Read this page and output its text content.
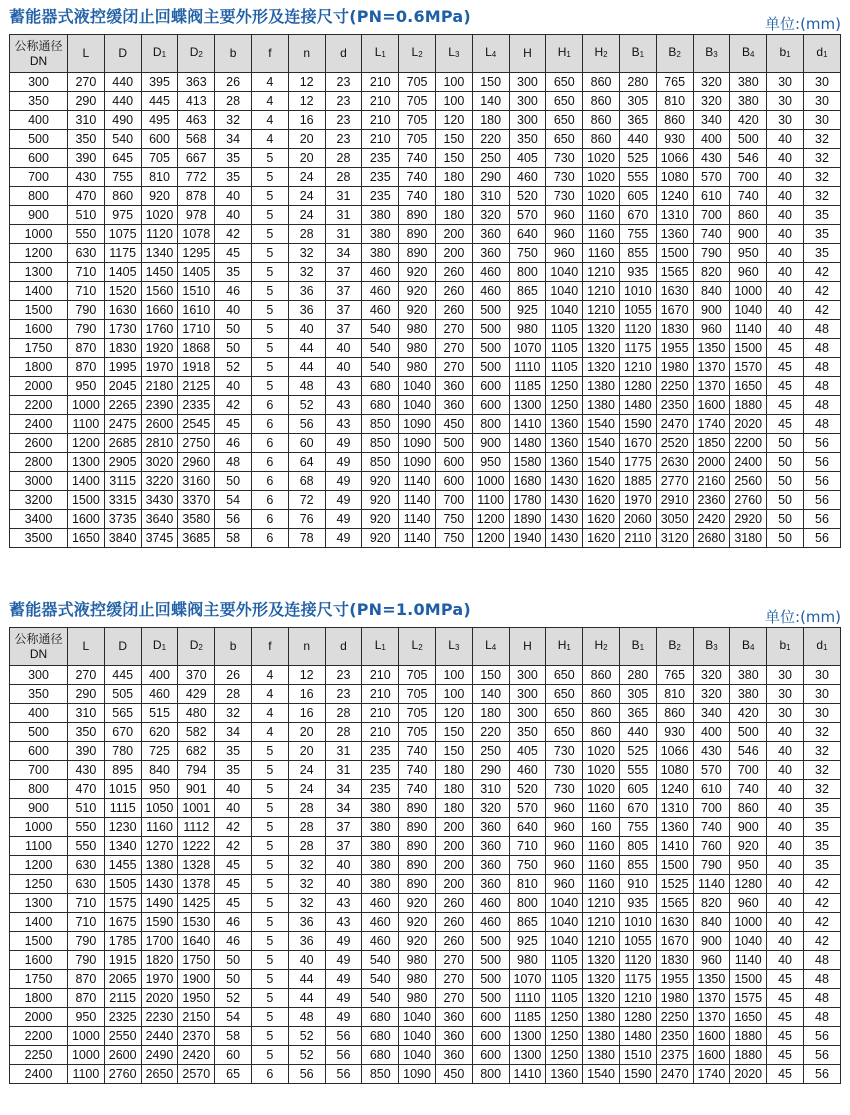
蓄能器式液控缓闭止回蝶阀主要外形及连接尺寸(PN=0.6MPa)	单位:(mm)
公称通径
DN	L	D	$D_1$	$D_2$	b	f	n	d	$L_1$	$L_2$	$L_3$	$L_4$	H	$H_1$	$H_2$	$B_1$	$B_2$	$B_3$	$B_4$	$b_1$	$d_1$
300	270	440	395	363	26	4	12	23	210	705	100	150	300	650	860	280	765	320	380	30	30
350	290	440	445	413	28	4	12	23	210	705	100	140	300	650	860	305	810	320	380	30	30
400	310	490	495	463	32	4	16	23	210	705	120	180	300	650	860	365	860	340	420	30	30
500	350	540	600	568	34	4	20	23	210	705	150	220	350	650	860	440	930	400	500	40	32
600	390	645	705	667	35	5	20	28	235	740	150	250	405	730	1020	525	1066	430	546	40	32
700	430	755	810	772	35	5	24	28	235	740	180	290	460	730	1020	555	1080	570	700	40	32
800	470	860	920	878	40	5	24	31	235	740	180	310	520	730	1020	605	1240	610	740	40	32
900	510	975	1020	978	40	5	24	31	380	890	180	320	570	960	1160	670	1310	700	860	40	35
1000	550	1075	1120	1078	42	5	28	31	380	890	200	360	640	960	1160	755	1360	740	900	40	35
1200	630	1175	1340	1295	45	5	32	34	380	890	200	360	750	960	1160	855	1500	790	950	40	35
1300	710	1405	1450	1405	35	5	32	37	460	920	260	460	800	1040	1210	935	1565	820	960	40	42
1400	710	1520	1560	1510	46	5	36	37	460	920	260	460	865	1040	1210	1010	1630	840	1000	40	42
1500	790	1630	1660	1610	40	5	36	37	460	920	260	500	925	1040	1210	1055	1670	900	1040	40	42
1600	790	1730	1760	1710	50	5	40	37	540	980	270	500	980	1105	1320	1120	1830	960	1140	40	48
1750	870	1830	1920	1868	50	5	44	40	540	980	270	500	1070	1105	1320	1175	1955	1350	1500	45	48
1800	870	1995	1970	1918	52	5	44	40	540	980	270	500	1110	1105	1320	1210	1980	1370	1570	45	48
2000	950	2045	2180	2125	40	5	48	43	680	1040	360	600	1185	1250	1380	1280	2250	1370	1650	45	48
2200	1000	2265	2390	2335	42	6	52	43	680	1040	360	600	1300	1250	1380	1480	2350	1600	1880	45	48
2400	1100	2475	2600	2545	45	6	56	43	850	1090	450	800	1410	1360	1540	1590	2470	1740	2020	45	48
2600	1200	2685	2810	2750	46	6	60	49	850	1090	500	900	1480	1360	1540	1670	2520	1850	2200	50	56
2800	1300	2905	3020	2960	48	6	64	49	850	1090	600	950	1580	1360	1540	1775	2630	2000	2400	50	56
3000	1400	3115	3220	3160	50	6	68	49	920	1140	600	1000	1680	1430	1620	1885	2770	2160	2560	50	56
3200	1500	3315	3430	3370	54	6	72	49	920	1140	700	1100	1780	1430	1620	1970	2910	2360	2760	50	56
3400	1600	3735	3640	3580	56	6	76	49	920	1140	750	1200	1890	1430	1620	2060	3050	2420	2920	50	56
3500	1650	3840	3745	3685	58	6	78	49	920	1140	750	1200	1940	1430	1620	2110	3120	2680	3180	50	56
蓄能器式液控缓闭止回蝶阀主要外形及连接尺寸(PN=1.0MPa)	单位:(mm)
公称通径
DN	L	D	$D_1$	$D_2$	b	f	n	d	$L_1$	$L_2$	$L_3$	$L_4$	H	$H_1$	$H_2$	$B_1$	$B_2$	$B_3$	$B_4$	$b_1$	$d_1$
300	270	445	400	370	26	4	12	23	210	705	100	150	300	650	860	280	765	320	380	30	30
350	290	505	460	429	28	4	16	23	210	705	100	140	300	650	860	305	810	320	380	30	30
400	310	565	515	480	32	4	16	28	210	705	120	180	300	650	860	365	860	340	420	30	30
500	350	670	620	582	34	4	20	28	210	705	150	220	350	650	860	440	930	400	500	40	32
600	390	780	725	682	35	5	20	31	235	740	150	250	405	730	1020	525	1066	430	546	40	32
700	430	895	840	794	35	5	24	31	235	740	180	290	460	730	1020	555	1080	570	700	40	32
800	470	1015	950	901	40	5	24	34	235	740	180	310	520	730	1020	605	1240	610	740	40	32
900	510	1115	1050	1001	40	5	28	34	380	890	180	320	570	960	1160	670	1310	700	860	40	35
1000	550	1230	1160	1112	42	5	28	37	380	890	200	360	640	960	160	755	1360	740	900	40	35
1100	550	1340	1270	1222	42	5	28	37	380	890	200	360	710	960	1160	805	1410	760	920	40	35
1200	630	1455	1380	1328	45	5	32	40	380	890	200	360	750	960	1160	855	1500	790	950	40	35
1250	630	1505	1430	1378	45	5	32	40	380	890	200	360	810	960	1160	910	1525	1140	1280	40	42
1300	710	1575	1490	1425	45	5	32	43	460	920	260	460	800	1040	1210	935	1565	820	960	40	42
1400	710	1675	1590	1530	46	5	36	43	460	920	260	460	865	1040	1210	1010	1630	840	1000	40	42
1500	790	1785	1700	1640	46	5	36	49	460	920	260	500	925	1040	1210	1055	1670	900	1040	40	42
1600	790	1915	1820	1750	50	5	40	49	540	980	270	500	980	1105	1320	1120	1830	960	1140	40	48
1750	870	2065	1970	1900	50	5	44	49	540	980	270	500	1070	1105	1320	1175	1955	1350	1500	45	48
1800	870	2115	2020	1950	52	5	44	49	540	980	270	500	1110	1105	1320	1210	1980	1370	1575	45	48
2000	950	2325	2230	2150	54	5	48	49	680	1040	360	600	1185	1250	1380	1280	2250	1370	1650	45	48
2200	1000	2550	2440	2370	58	5	52	56	680	1040	360	600	1300	1250	1380	1480	2350	1600	1880	45	56
2250	1000	2600	2490	2420	60	5	52	56	680	1040	360	600	1300	1250	1380	1510	2375	1600	1880	45	56
2400	1100	2760	2650	2570	65	6	56	56	850	1090	450	800	1410	1360	1540	1590	2470	1740	2020	45	56
